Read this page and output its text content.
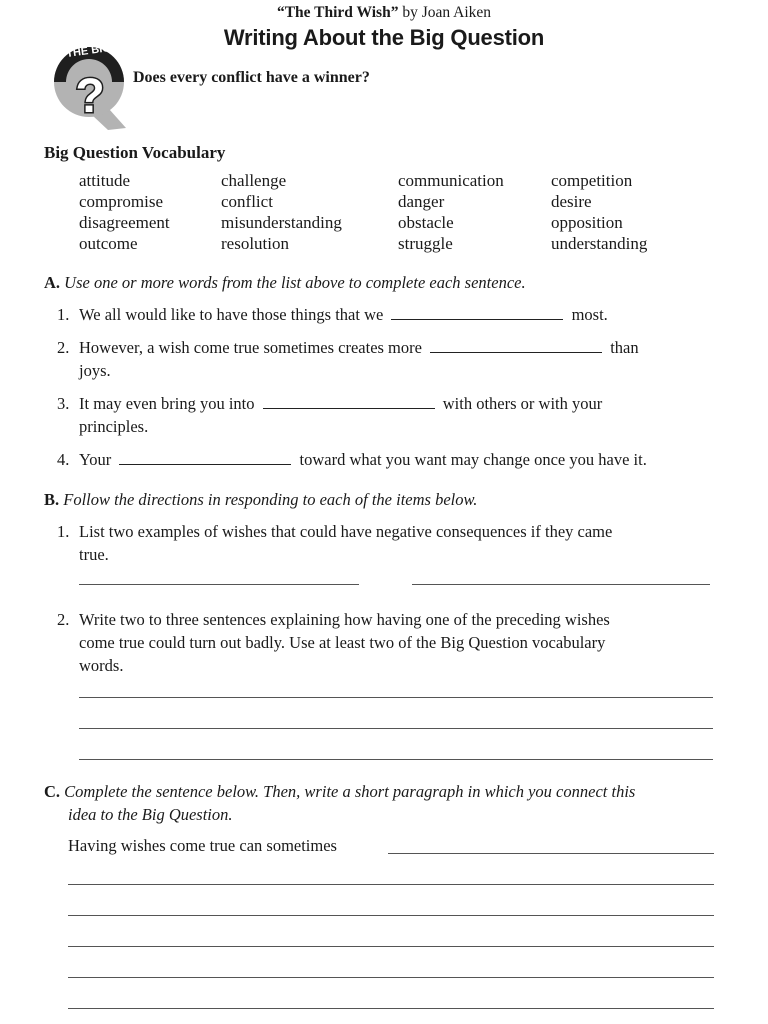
“The Third Wish” by Joan Aiken
Writing About the Big Question
THE BIG
? Does every conflict have a winner?
Big Question Vocabulary
attitude	challenge	communication	competition
compromise	conflict	danger	desire
disagreement	misunderstanding	obstacle	opposition
outcome	resolution	struggle	understanding
A. Use one or more words from the list above to complete each sentence.
1. We all would like to have those things that we	most.
2. However, a wish come true sometimes creates more	than
joys.
3. It may even bring you into	with others or with your
principles.
4. Your	toward what you want may change once you have it.
B. Follow the directions in responding to each of the items below.
1. List two examples of wishes that could have negative consequences if they came
true.
2. Write two to three sentences explaining how having one of the preceding wishes
come true could turn out badly. Use at least two of the Big Question vocabulary
words.
C. Complete the sentence below. Then, write a short paragraph in which you connect this
idea to the Big Question.
Having wishes come true can sometimes
